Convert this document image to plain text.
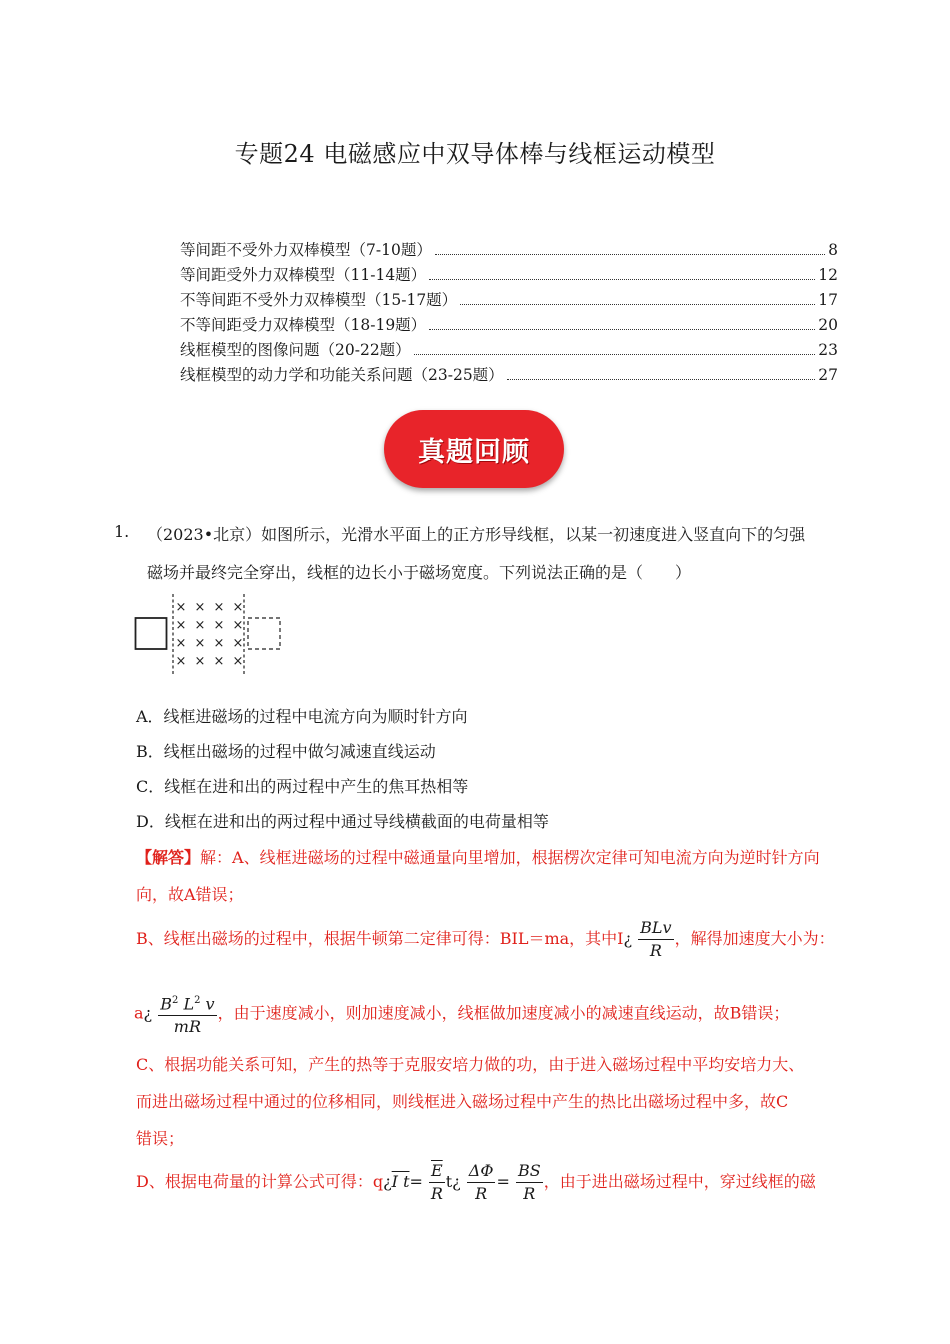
专题24 电磁感应中双导体棒与线框运动模型
等间距不受外力双棒模型（7-10题）	8
等间距受外力双棒模型（11-14题）	12
不等间距不受外力双棒模型（15-17题）	17
不等间距受力双棒模型（18-19题）	20
线框模型的图像问题（20-22题）	23
线框模型的动力学和功能关系问题（23-25题）	27
真题回顾
1. （2023•北京）如图所示，光滑水平面上的正方形导线框，以某一初速度进入竖直向下的匀强
磁场并最终完全穿出，线框的边长小于磁场宽度。下列说法正确的是（　　）
× × × ×
× × × ×
× × × ×
× × × ×
A．线框进磁场的过程中电流方向为顺时针方向
B．线框出磁场的过程中做匀减速直线运动
C．线框在进和出的两过程中产生的焦耳热相等
D．线框在进和出的两过程中通过导线横截面的电荷量相等
【解答】解：A、线框进磁场的过程中磁通量向里增加，根据楞次定律可知电流方向为逆时针方向
向，故A错误；
B、线框出磁场的过程中，根据牛顿第二定律可得：BIL＝ma，其中I¿ $\frac{\text{BLv}}{R}$ ，解得加速度大小为：
a¿ $\frac{B^2 L^2 v}{mR}$ ，由于速度减小，则加速度减小，线框做加速度减小的减速直线运动，故B错误；
C、根据功能关系可知，产生的热等于克服安培力做的功，由于进入磁场过程中平均安培力大、
而进出磁场过程中通过的位移相同，则线框进入磁场过程中产生的热比出磁场过程中多，故C
错误；
D、根据电荷量的计算公式可得：q¿I $t= \frac{\overline{E}}{R}$ t¿ $\frac{\Delta\Phi}{R} = \frac{BS}{R}$ ，由于进出磁场过程中，穿过线框的磁
